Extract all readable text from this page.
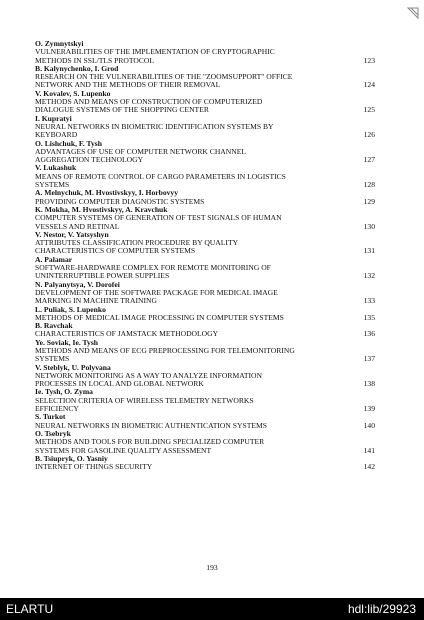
O. Zymnytskyi
VULNERABILITIES OF THE IMPLEMENTATION OF CRYPTOGRAPHIC
METHODS IN SSL/TLS PROTOCOL	123
B. Kalynychenko, I. Grod
RESEARCH ON THE VULNERABILITIES OF THE "ZOOMSUPPORT" OFFICE
NETWORK AND THE METHODS OF THEIR REMOVAL	124
V. Kovalev, S. Lupenko
METHODS AND MEANS OF CONSTRUCTION OF COMPUTERIZED
DIALOGUE SYSTEMS OF THE SHOPPING CENTER	125
I. Kupratyi
NEURAL NETWORKS IN BIOMETRIC IDENTIFICATION SYSTEMS BY
KEYBOARD	126
O. Lishchuk, F. Tysh
ADVANTAGES OF USE OF COMPUTER NETWORK CHANNEL
AGGREGATION TECHNOLOGY	127
V. Lukashuk
MEANS OF REMOTE CONTROL OF CARGO PARAMETERS IN LOGISTICS
SYSTEMS	128
A. Melnychuk, M. Hvostivskyy, I. Horbovyy
PROVIDING COMPUTER DIAGNOSTIC SYSTEMS	129
K. Mokha, M. Hvostivskyy, A. Kravchuk
COMPUTER SYSTEMS OF GENERATION OF TEST SIGNALS OF HUMAN
VESSELS AND RETINAL	130
V. Nestor, V. Yatsyshyn
ATTRIBUTES CLASSIFICATION PROCEDURE BY QUALITY
CHARACTERISTICS OF COMPUTER SYSTEMS	131
A. Palamar
SOFTWARE-HARDWARE COMPLEX FOR REMOTE MONITORING OF
UNINTERRUPTIBLE POWER SUPPLIES	132
N. Palyanytsya, V. Dorofei
DEVELOPMENT OF THE SOFTWARE PACKAGE FOR MEDICAL IMAGE
MARKING IN MACHINE TRAINING	133
L. Puliak, S. Lupenko
METHODS OF MEDICAL IMAGE PROCESSING IN COMPUTER SYSTEMS	135
B. Ravchak
CHARACTERISTICS OF JAMSTACK METHODOLOGY	136
Ye. Soviak, Ie. Tysh
METHODS AND MEANS OF ECG PREPROCESSING FOR TELEMONITORING
SYSTEMS	137
V. Steblyk, U. Polyvana
NETWORK MONITORING AS A WAY TO ANALYZE INFORMATION
PROCESSES IN LOCAL AND GLOBAL NETWORK	138
Ie. Tysh, O. Zyma
SELECTION CRITERIA OF WIRELESS TELEMETRY NETWORKS
EFFICIENCY	139
S. Turkot
NEURAL NETWORKS IN BIOMETRIC AUTHENTICATION SYSTEMS	140
O. Tsebryk
METHODS AND TOOLS FOR BUILDING SPECIALIZED COMPUTER
SYSTEMS FOR GASOLINE QUALITY ASSESSMENT	141
B. Tsiupryk, O. Yasniy
INTERNET OF THINGS SECURITY	142
193
ELARTU	hdl:lib/29923
